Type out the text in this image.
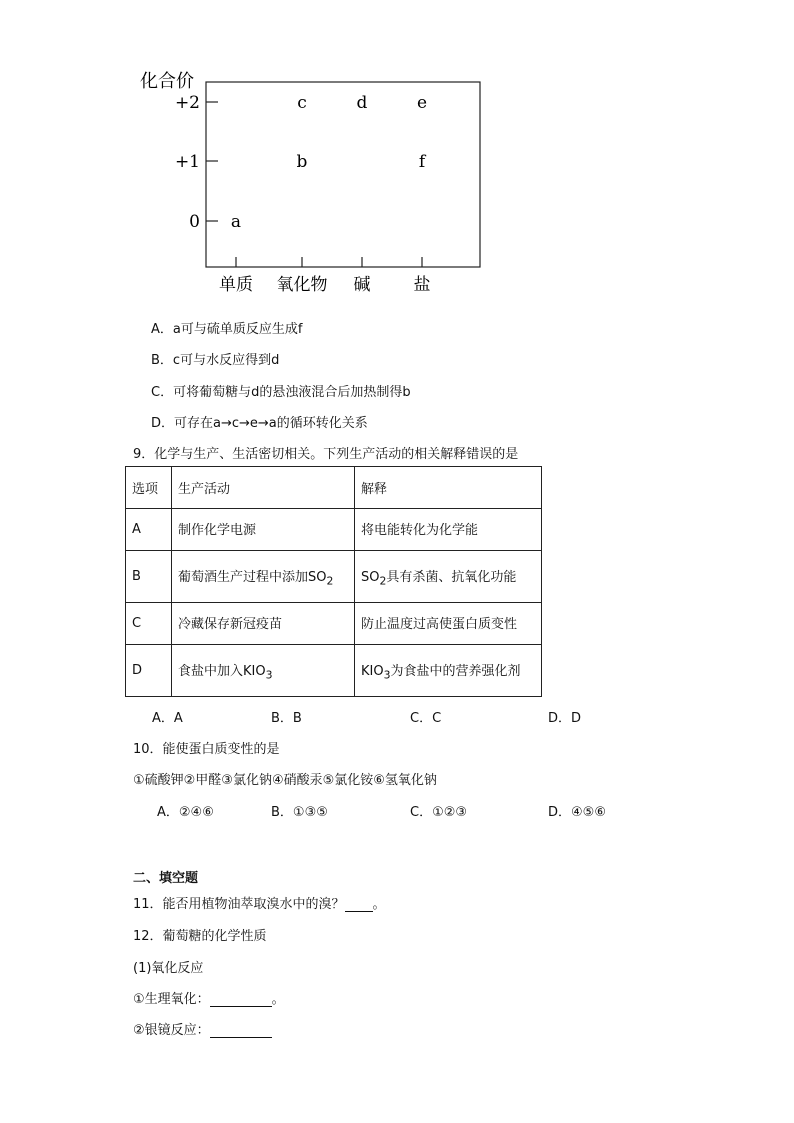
化合价
+2
+1
0
单质 氧化物 碱	盐
a
b
c	d	e
f
A．a可与硫单质反应生成f
B．c可与水反应得到d
C．可将葡萄糖与d的悬浊液混合后加热制得b
D．可存在a→c→e→a的循环转化关系
9．化学与生产、生活密切相关。下列生产活动的相关解释错误的是
选项	生产活动	解释
A	制作化学电源	将电能转化为化学能
B	葡萄酒生产过程中添加$SO_2$	$SO_2$具有杀菌、抗氧化功能
C	冷藏保存新冠疫苗	防止温度过高使蛋白质变性
D	食盐中加入$KIO_3$	$KIO_3$为食盐中的营养强化剂
A．A	B．B	C．C	D．D
10．能使蛋白质变性的是
①硫酸钾②甲醛③氯化钠④硝酸汞⑤氯化铵⑥氢氧化钠
A．②④⑥	B．①③⑤	C．①②③	D．④⑤⑥
二、填空题
11．能否用植物油萃取溴水中的溴？ 。
12．葡萄糖的化学性质
(1)氧化反应
①生理氧化：	。
②银镜反应：
